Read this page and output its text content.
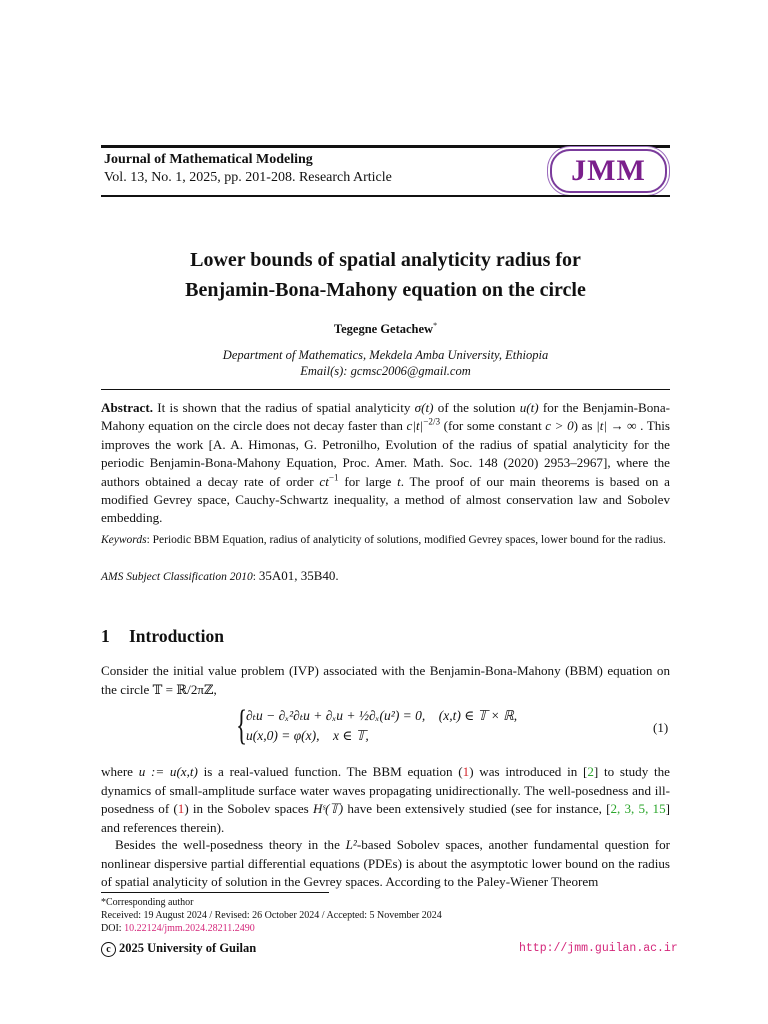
Journal of Mathematical Modeling
Vol. 13, No. 1, 2025, pp. 201-208. Research Article	JMM
Lower bounds of spatial analyticity radius for
Benjamin-Bona-Mahony equation on the circle
Tegegne Getachew*
Department of Mathematics, Mekdela Amba University, Ethiopia
Email(s): gcmsc2006@gmail.com
Abstract. It is shown that the radius of spatial analyticity σ(t) of the solution u(t) for the Benjamin-Bona-Mahony equation on the circle does not decay faster than $c|t|^{-2/3}$ (for some constant c > 0) as |t| → ∞ . This improves the work [A. A. Himonas, G. Petronilho, Evolution of the radius of spatial analyticity for the periodic Benjamin-Bona-Mahony Equation, Proc. Amer. Math. Soc. 148 (2020) 2953–2967], where the authors obtained a decay rate of order $ct^{-1}$ for large t. The proof of our main theorems is based on a modified Gevrey space, Cauchy-Schwartz inequality, a method of almost conservation law and Sobolev embedding.
Keywords: Periodic BBM Equation, radius of analyticity of solutions, modified Gevrey spaces, lower bound for the radius.
AMS Subject Classification 2010: 35A01, 35B40.
1 Introduction
Consider the initial value problem (IVP) associated with the Benjamin-Bona-Mahony (BBM) equation on the circle 𝕋 = ℝ/2πℤ,
{
∂ₜu − ∂ₓ²∂ₜu + ∂ₓu + ½∂ₓ(u²) = 0, (x,t) ∈ 𝕋 × ℝ,
u(x,0) = φ(x), x ∈ 𝕋,
(1)
where u := u(x,t) is a real-valued function. The BBM equation (1) was introduced in [2] to study the dynamics of small-amplitude surface water waves propagating unidirectionally. The well-posedness and ill-posedness of (1) in the Sobolev spaces Hˢ(𝕋) have been extensively studied (see for instance, [2, 3, 5, 15] and references therein).
Besides the well-posedness theory in the L²-based Sobolev spaces, another fundamental question for nonlinear dispersive partial differential equations (PDEs) is about the asymptotic lower bound on the radius of spatial analyticity of solution in the Gevrey spaces. According to the Paley-Wiener Theorem
*Corresponding author
Received: 19 August 2024 / Revised: 26 October 2024 / Accepted: 5 November 2024
DOI: 10.22124/jmm.2024.28211.2490
c 2025 University of Guilan	http://jmm.guilan.ac.ir
